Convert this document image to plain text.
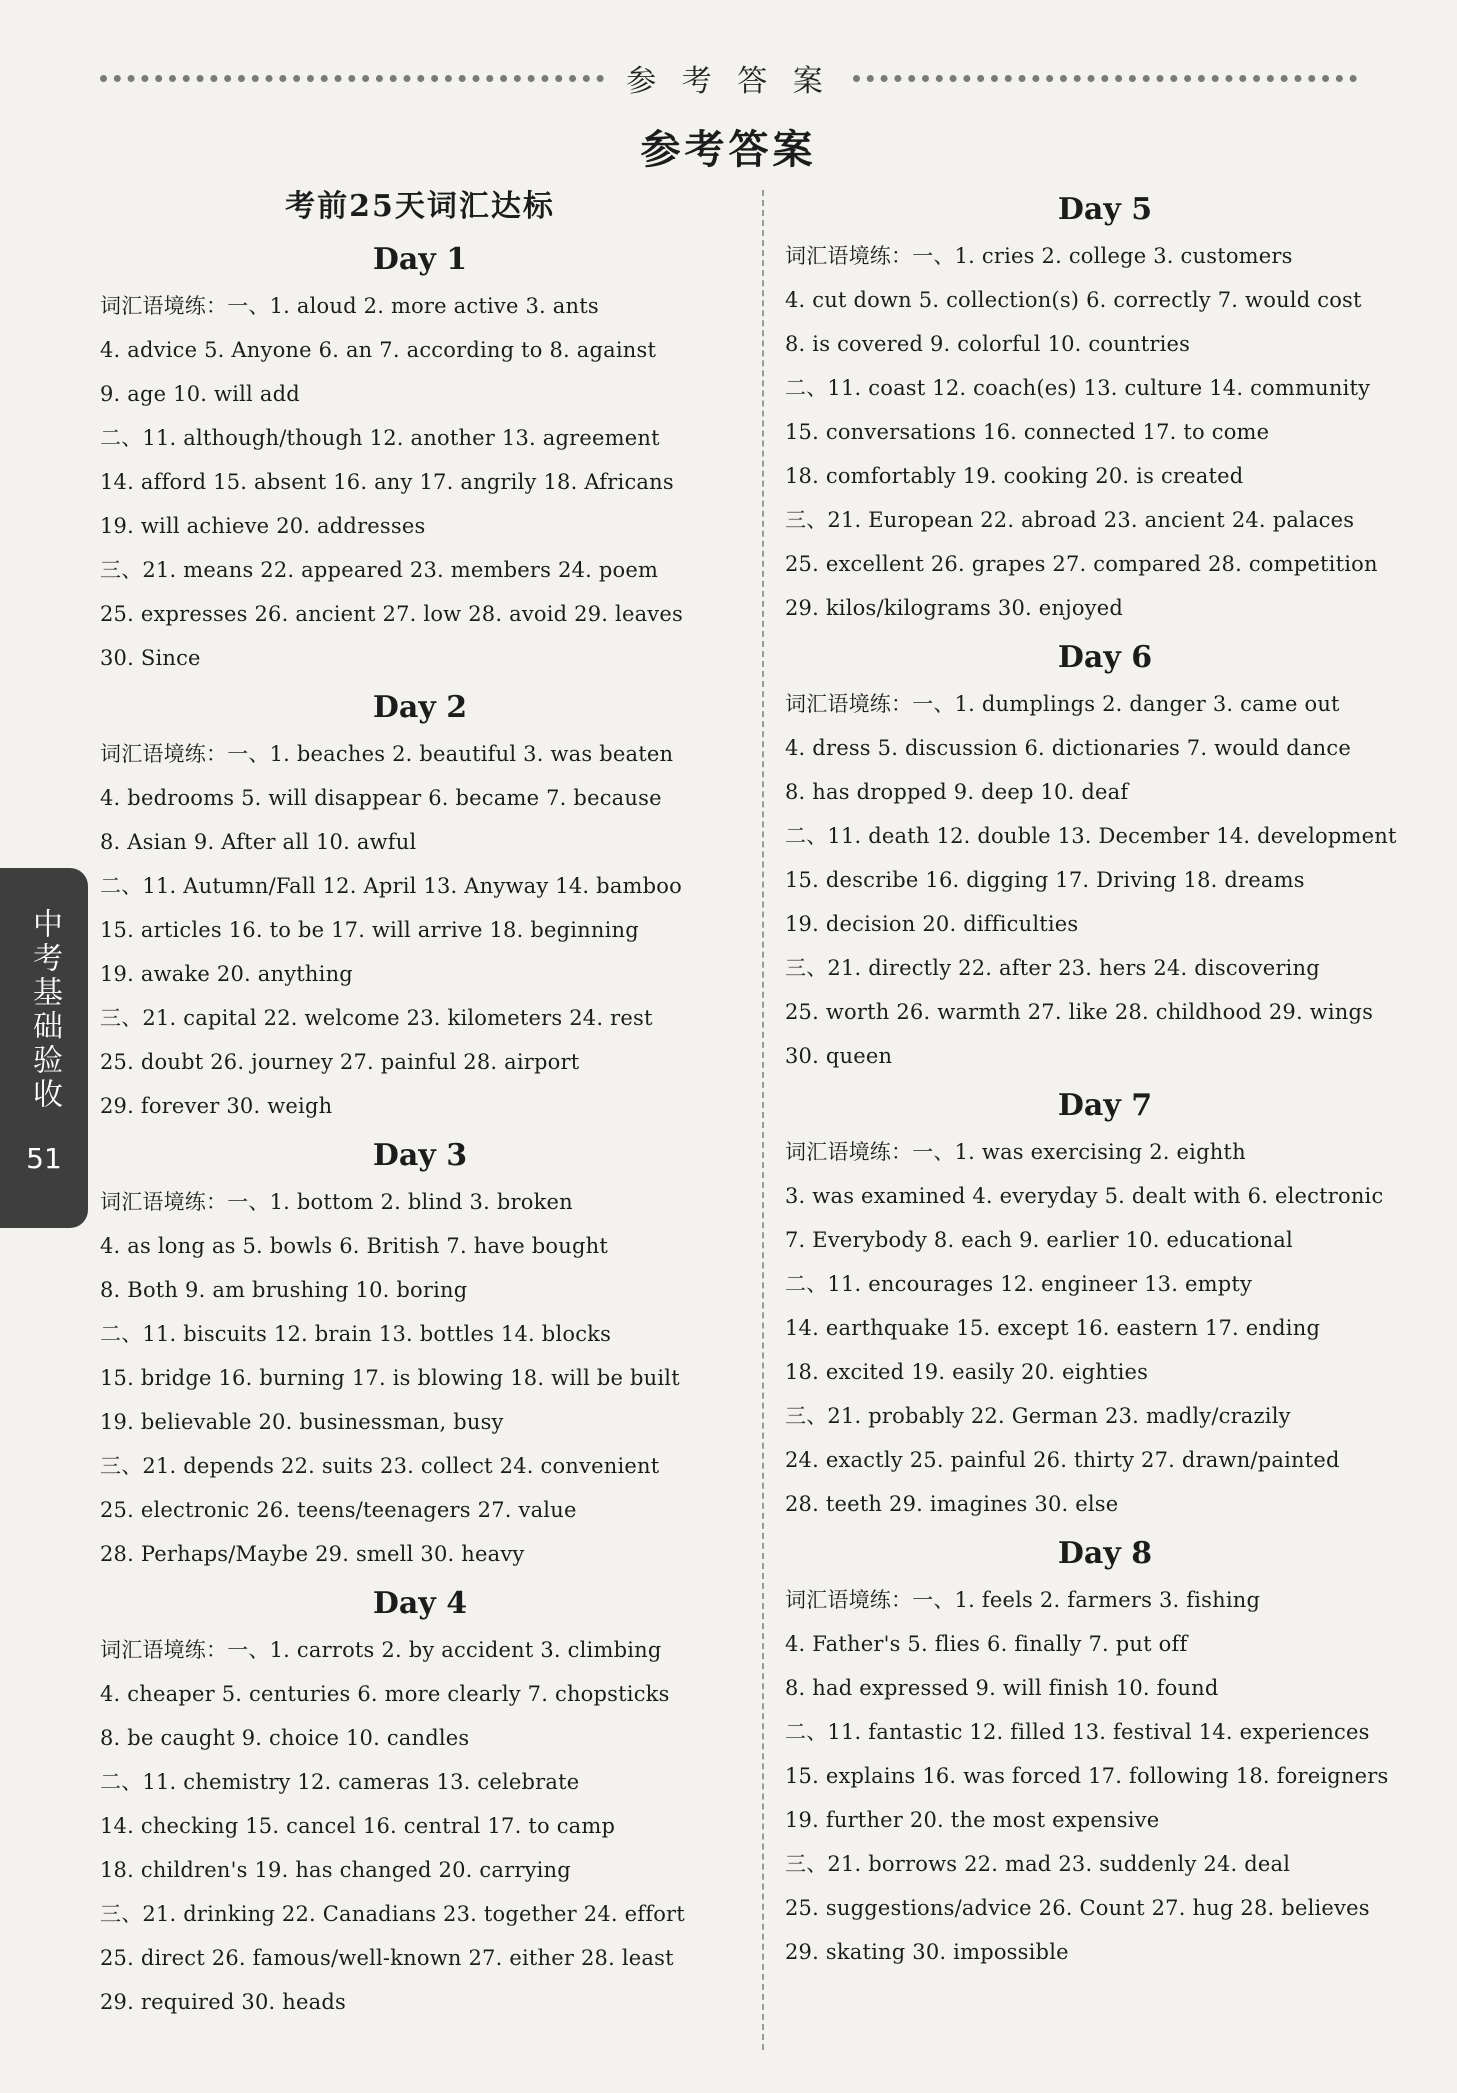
参 考 答 案
参考答案
考前25天词汇达标
Day 1
词汇语境练：一、1. aloud 2. more active 3. ants
4. advice 5. Anyone 6. an 7. according to 8. against
9. age 10. will add
二、11. although/though 12. another 13. agreement
14. afford 15. absent 16. any 17. angrily 18. Africans
19. will achieve 20. addresses
三、21. means 22. appeared 23. members 24. poem
25. expresses 26. ancient 27. low 28. avoid 29. leaves
30. Since
Day 2
词汇语境练：一、1. beaches 2. beautiful 3. was beaten
4. bedrooms 5. will disappear 6. became 7. because
8. Asian 9. After all 10. awful
二、11. Autumn/Fall 12. April 13. Anyway 14. bamboo
15. articles 16. to be 17. will arrive 18. beginning
19. awake 20. anything
三、21. capital 22. welcome 23. kilometers 24. rest
25. doubt 26. journey 27. painful 28. airport
29. forever 30. weigh
Day 3
词汇语境练：一、1. bottom 2. blind 3. broken
4. as long as 5. bowls 6. British 7. have bought
8. Both 9. am brushing 10. boring
二、11. biscuits 12. brain 13. bottles 14. blocks
15. bridge 16. burning 17. is blowing 18. will be built
19. believable 20. businessman, busy
三、21. depends 22. suits 23. collect 24. convenient
25. electronic 26. teens/teenagers 27. value
28. Perhaps/Maybe 29. smell 30. heavy
Day 4
词汇语境练：一、1. carrots 2. by accident 3. climbing
4. cheaper 5. centuries 6. more clearly 7. chopsticks
8. be caught 9. choice 10. candles
二、11. chemistry 12. cameras 13. celebrate
14. checking 15. cancel 16. central 17. to camp
18. children's 19. has changed 20. carrying
三、21. drinking 22. Canadians 23. together 24. effort
25. direct 26. famous/well-known 27. either 28. least
29. required 30. heads
Day 5
词汇语境练：一、1. cries 2. college 3. customers
4. cut down 5. collection(s) 6. correctly 7. would cost
8. is covered 9. colorful 10. countries
二、11. coast 12. coach(es) 13. culture 14. community
15. conversations 16. connected 17. to come
18. comfortably 19. cooking 20. is created
三、21. European 22. abroad 23. ancient 24. palaces
25. excellent 26. grapes 27. compared 28. competition
29. kilos/kilograms 30. enjoyed
Day 6
词汇语境练：一、1. dumplings 2. danger 3. came out
4. dress 5. discussion 6. dictionaries 7. would dance
8. has dropped 9. deep 10. deaf
二、11. death 12. double 13. December 14. development
15. describe 16. digging 17. Driving 18. dreams
19. decision 20. difficulties
三、21. directly 22. after 23. hers 24. discovering
25. worth 26. warmth 27. like 28. childhood 29. wings
30. queen
Day 7
词汇语境练：一、1. was exercising 2. eighth
3. was examined 4. everyday 5. dealt with 6. electronic
7. Everybody 8. each 9. earlier 10. educational
二、11. encourages 12. engineer 13. empty
14. earthquake 15. except 16. eastern 17. ending
18. excited 19. easily 20. eighties
三、21. probably 22. German 23. madly/crazily
24. exactly 25. painful 26. thirty 27. drawn/painted
28. teeth 29. imagines 30. else
Day 8
词汇语境练：一、1. feels 2. farmers 3. fishing
4. Father's 5. flies 6. finally 7. put off
8. had expressed 9. will finish 10. found
二、11. fantastic 12. filled 13. festival 14. experiences
15. explains 16. was forced 17. following 18. foreigners
19. further 20. the most expensive
三、21. borrows 22. mad 23. suddenly 24. deal
25. suggestions/advice 26. Count 27. hug 28. believes
29. skating 30. impossible
中考基础验收
51
